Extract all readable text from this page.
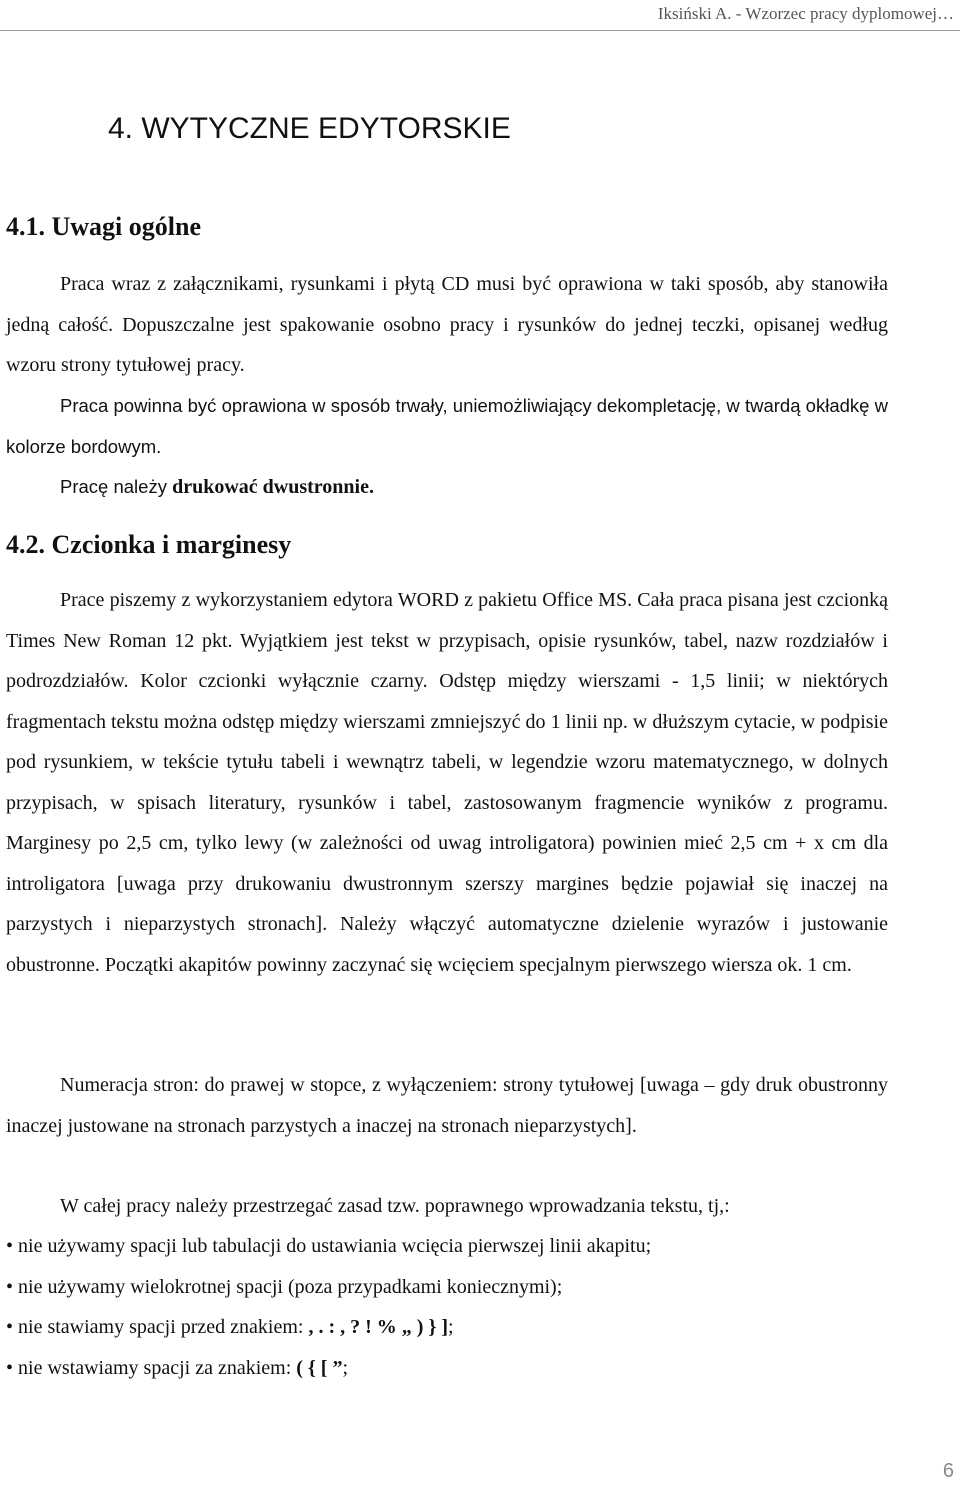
Iksiński A. - Wzorzec pracy dyplomowej…
4. WYTYCZNE EDYTORSKIE
4.1. Uwagi ogólne

Praca wraz z załącznikami, rysunkami i płytą CD musi być oprawiona w taki sposób, aby stanowiła jedną całość. Dopuszczalne jest spakowanie osobno pracy i rysunków do jednej teczki, opisanej według wzoru strony tytułowej pracy.

Praca powinna być oprawiona w sposób trwały, uniemożliwiający dekompletację, w twardą okładkę w kolorze bordowym.

Pracę należy drukować dwustronnie.

4.2. Czcionka i marginesy

Prace piszemy z wykorzystaniem edytora WORD z pakietu Office MS. Cała praca pisana jest czcionką Times New Roman 12 pkt. Wyjątkiem jest tekst w przypisach, opisie rysunków, tabel, nazw rozdziałów i podrozdziałów. Kolor czcionki wyłącznie czarny. Odstęp między wierszami - 1,5 linii; w niektórych fragmentach tekstu można odstęp między wierszami zmniejszyć do 1 linii np. w dłuższym cytacie, w podpisie pod rysunkiem, w tekście tytułu tabeli i wewnątrz tabeli, w legendzie wzoru matematycznego, w dolnych przypisach, w spisach literatury, rysunków i tabel, zastosowanym fragmencie wyników z programu. Marginesy po 2,5 cm, tylko lewy (w zależności od uwag introligatora) powinien mieć 2,5 cm + x cm dla introligatora [uwaga przy drukowaniu dwustronnym szerszy margines będzie pojawiał się inaczej na parzystych i nieparzystych stronach]. Należy włączyć automatyczne dzielenie wyrazów i justowanie obustronne. Początki akapitów powinny zaczynać się wcięciem specjalnym pierwszego wiersza ok. 1 cm.

Numeracja stron: do prawej w stopce, z wyłączeniem: strony tytułowej [uwaga – gdy druk obustronny inaczej justowane na stronach parzystych a inaczej na stronach nieparzystych].

W całej pracy należy przestrzegać zasad tzw. poprawnego wprowadzania tekstu, tj,:

• nie używamy spacji lub tabulacji do ustawiania wcięcia pierwszej linii akapitu;
• nie używamy wielokrotnej spacji (poza przypadkami koniecznymi);
• nie stawiamy spacji przed znakiem: , . : , ? ! % „ ) } ];
• nie wstawiamy spacji za znakiem: ( { [ ”;
6
